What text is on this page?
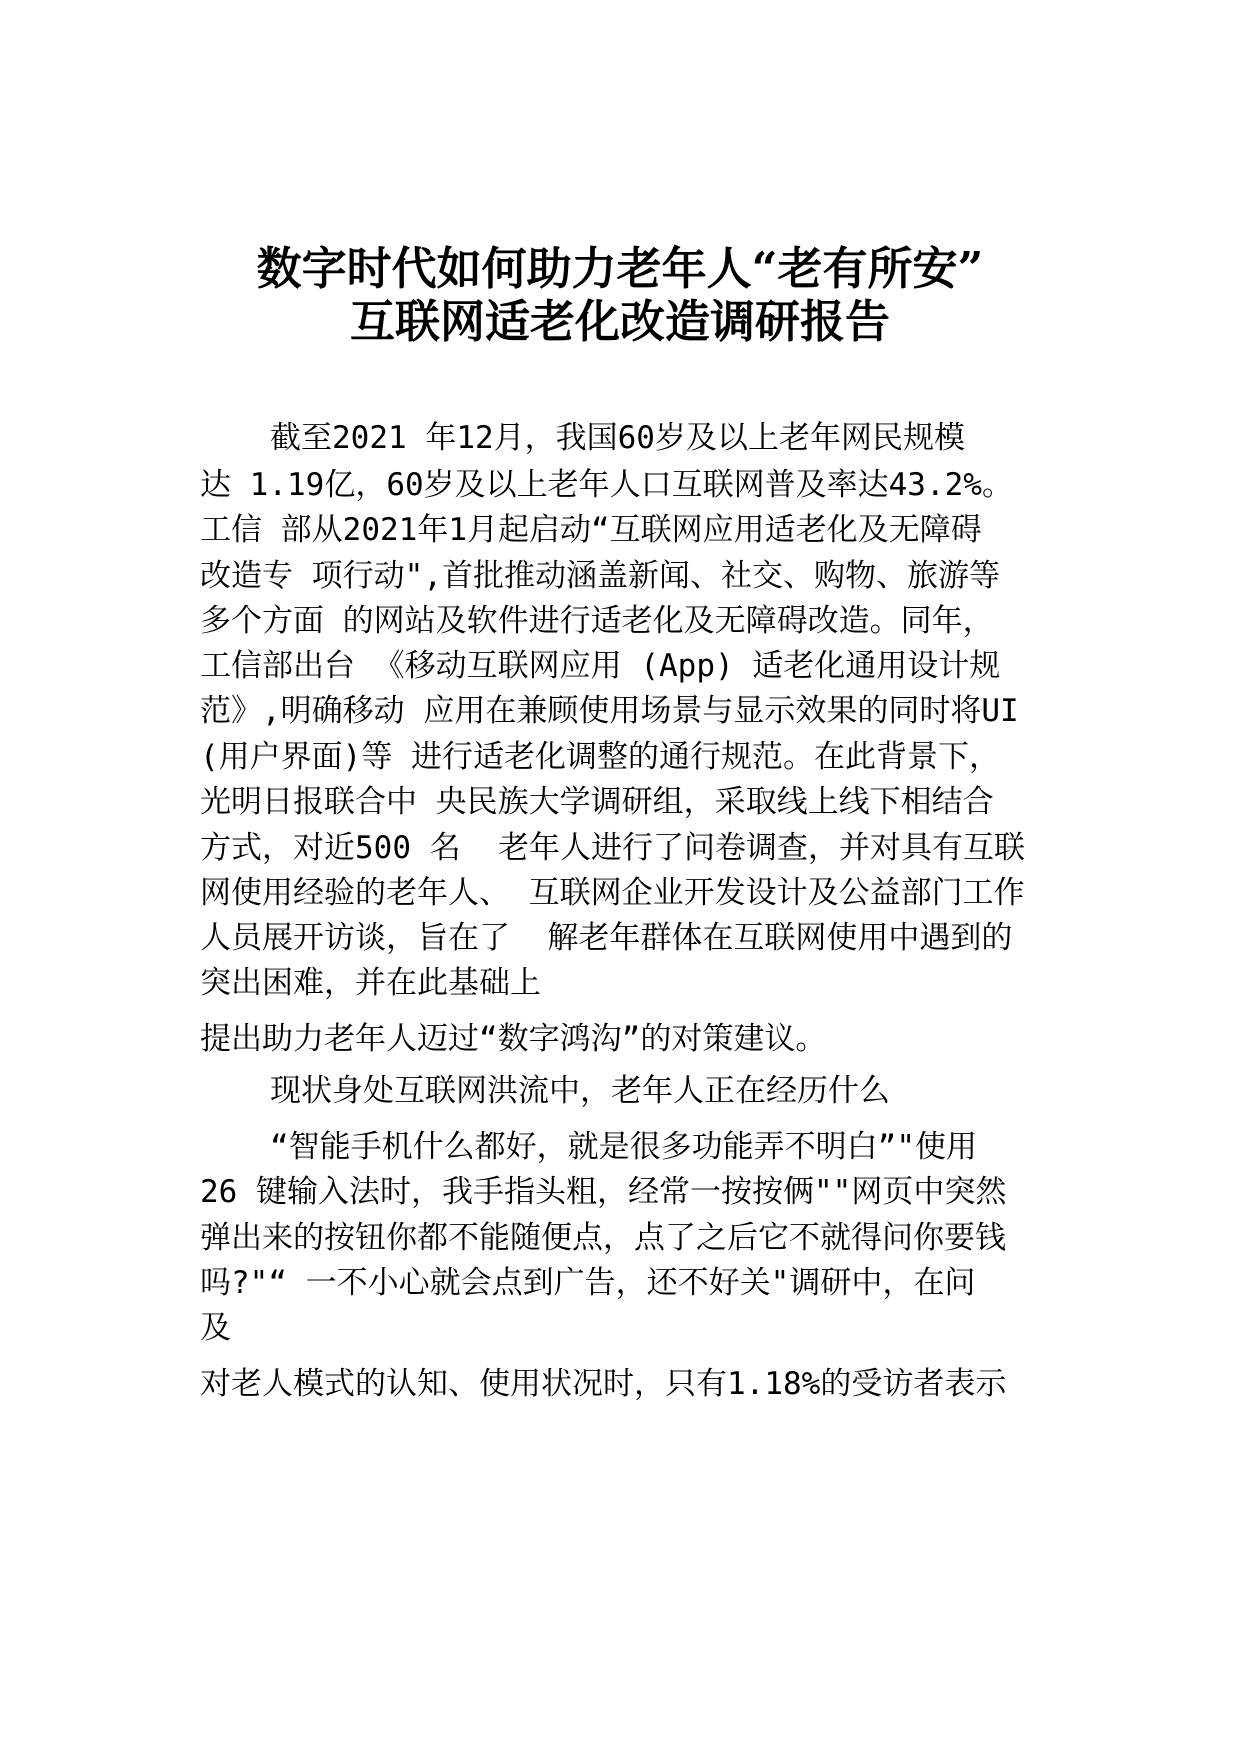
数字时代如何助力老年人“老有所安”
互联网适老化改造调研报告
截至2021 年12月，我国60岁及以上老年网民规模
达 1.19亿，60岁及以上老年人口互联网普及率达43.2%。
工信 部从2021年1月起启动“互联网应用适老化及无障碍
改造专 项行动",首批推动涵盖新闻、社交、购物、旅游等
多个方面 的网站及软件进行适老化及无障碍改造。同年，
工信部出台 《移动互联网应用 (App) 适老化通用设计规
范》,明确移动 应用在兼顾使用场景与显示效果的同时将UI
(用户界面)等 进行适老化调整的通行规范。在此背景下，
光明日报联合中 央民族大学调研组，采取线上线下相结合
方式，对近500 名  老年人进行了问卷调查，并对具有互联
网使用经验的老年人、 互联网企业开发设计及公益部门工作
人员展开访谈，旨在了  解老年群体在互联网使用中遇到的
突出困难，并在此基础上
提出助力老年人迈过“数字鸿沟”的对策建议。
现状身处互联网洪流中，老年人正在经历什么
“智能手机什么都好，就是很多功能弄不明白”"使用
26 键输入法时，我手指头粗，经常一按按俩""网页中突然
弹出来的按钮你都不能随便点，点了之后它不就得问你要钱
吗?"“ 一不小心就会点到广告，还不好关"调研中，在问
及
对老人模式的认知、使用状况时，只有1.18%的受访者表示
